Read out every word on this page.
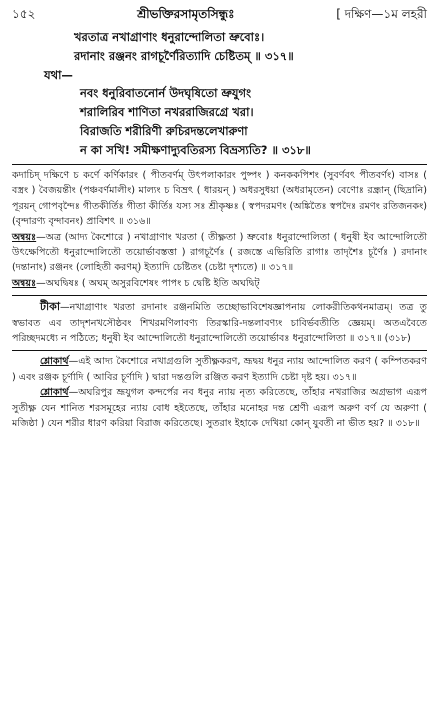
১৫২	শ্রীভক্তিরসামৃতসিন্ধুঃ	[ দক্ষিণ—১ম লহরী
খরতাত্র নখাগ্রাণাং ধনুরান্দোলিতা ভ্রুবোঃ।
রদানাং রঞ্জনং রাগচূর্ণৈরিত্যাদি চেষ্টিতম্ ॥ ৩১৭॥
যথা—
নবং ধনুরিবাতনোর্ন উদঘৃষিতো ভ্রুযুগং
শরালিরিব শাণিতা নখররাজিরগ্রে খরা।
বিরাজতি শরীরিণী রুচিরদন্তলেখারুণা
ন কা সখি! সমীক্ষণাদ্যুবতিরস্য বিভ্রস্যতি? ॥ ৩১৮॥
কদাচিদ্ দক্ষিণে চ কর্ণে কর্ণিকারং ( পীতবর্ণম্ উৎপলাকারং পুষ্পং ) কনককপিশং (সুবর্ণবৎ পীতবর্ণং) বাসঃ ( বস্ত্রং ) বৈজয়ন্তীং (পঞ্চবর্ণমালীং) মাল্যং চ বিভ্রৎ ( ধারয়ন্ ) অধরসুধয়া (অধরামৃতেন) বেণোঃ রন্ধ্রান্ (ছিদ্রানি) পূরয়ন্ গোপবৃন্দৈঃ গীতকীর্তিঃ গীতা কীর্তিঃ যস্য সঃ শ্রীকৃষ্ণঃ ( স্বপদরমণং (অঙ্কিতৈঃ স্বপদৈঃ রমণং রতিজনকং) (বৃন্দারণ্য বৃন্দাবনং) প্রাবিশৎ ॥ ৩১৬॥
অন্বয়ঃ—অত্র (আদ্য কৈশোরে ) নখাগ্রাণাং খরতা ( তীক্ষ্ণতা ) ভ্রুবোঃ ধনুরান্দোলিতা ( ধনুষী ইব আন্দোলিতৌ উৎক্ষেপিতৌ ধনুরান্দোলিতৌ তয়োর্ভাবস্তত্তা ) রাগচূর্ণৈঃ ( রজস্তে এভিরিতি রাগাঃ তাদৃশৈঃ চূর্ণৈঃ ) রদানাং (দন্তানাং) রঞ্জনং (লোহিতী করণম্) ইত্যাদি চেষ্টিতং (চেষ্টা দৃশ্যতে) ॥ ৩১৭॥
অন্বয়ঃ—অঘদ্বিষঃ ( অঘম্ অসুরবিশেষং পাপং চ দ্বেষ্টি ইতি অঘদ্বিট্
টীকা—নখাগ্রাণাং খরতা রদানাং রঞ্জনমিতি তচ্ছোভাবিশেষজ্ঞাপনায় লোকরীতিকথনমাত্রম্। তত্র তু স্বভাবত এব তাদৃশনখসৌষ্ঠবং শিখরমণিলাবণ্য তিরস্কারি-দন্তলাবণ্যং চাবির্ভবতীতি জ্ঞেয়ম্। অতএবৈতে পরিচ্ছদমধ্যে ন পঠিতে; ধনুষী ইব আন্দোলিতৌ ধনুরান্দোলিতৌ তয়োর্ভাবঃ ধনুরান্দোলিতা ॥ ৩১৭॥ (৩১৮)
শ্লোকার্থ—এই আদ্য কৈশোরে নখাগ্রগুলি সুতীক্ষ্ণকরণ, ভ্রূদ্বয় ধনুর ন্যায় আন্দোলিত করণ ( কম্পিতকরণ ) এবং রঞ্জক চূর্ণাদি ( আবির চূর্ণাদি ) দ্বারা দন্তগুলি রঞ্জিত করণ ইত্যাদি চেষ্টা দৃষ্ট হয়। ৩১৭॥
শ্লোকার্থ—অঘরিপুর ভ্রূযুগল কন্দর্পের নব ধনুর ন্যায় নৃত্য করিতেছে, তাঁহার নখরাজির অগ্রভাগ এরূপ সুতীক্ষ্ণ যেন শানিত শরসমূহের ন্যায় বোধ হইতেছে, তাঁহার মনোহর দন্ত শ্রেণী এরূপ অরুণ বর্ণ যে অরুণা ( মজিষ্ঠা ) যেন শরীর ধারণ করিয়া বিরাজ করিতেছে। সুতরাং ইহাকে দেখিয়া কোন্ যুবতী না ভীত হয়? ॥ ৩১৮॥
